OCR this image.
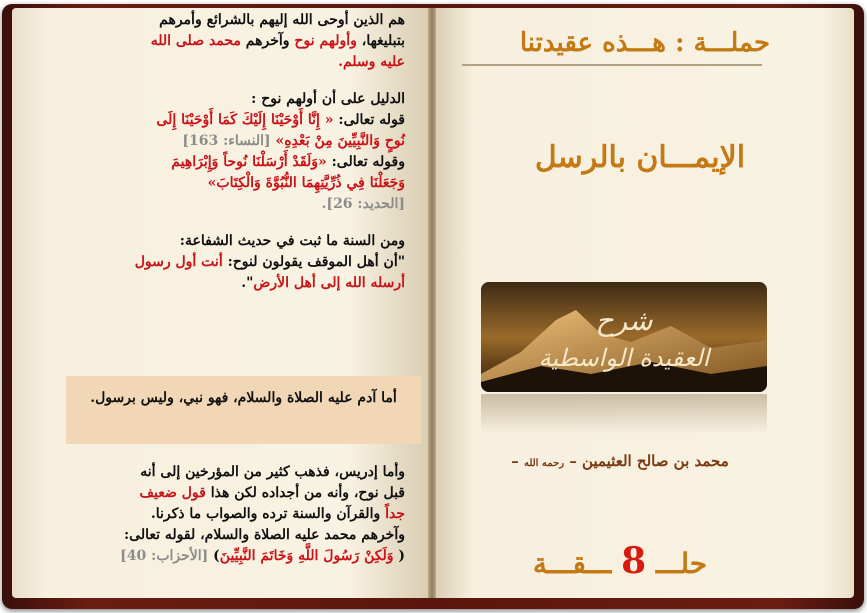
هم الذين أوحى الله إليهم بالشرائع وأمرهم

بتبليغها، وأولهم نوح وآخرهم محمد صلى الله

عليه وسلم.

الدليل على أن أولهم نوح :

قوله تعالى: « إِنَّا أَوْحَيْنَا إِلَيْكَ كَمَا أَوْحَيْنَا إِلَى

نُوحٍ وَالنَّبِيِّينَ مِنْ بَعْدِهِ» [النساء: 163]

وقوله تعالى: «وَلَقَدْ أَرْسَلْنَا نُوحاً وَإِبْرَاهِيمَ

وَجَعَلْنَا فِي ذُرِّيَّتِهِمَا النُّبُوَّةَ وَالْكِتَابَ»

[الحديد: 26].

ومن السنة ما ثبت في حديث الشفاعة:

"أن أهل الموقف يقولون لنوح: أنت أول رسول

أرسله الله إلى أهل الأرض".

أما آدم عليه الصلاة والسلام، فهو نبي، وليس برسول.

وأما إدريس، فذهب كثير من المؤرخين إلى أنه

قبل نوح، وأنه من أجداده لكن هذا قول ضعيف

جداً والقرآن والسنة ترده والصواب ما ذكرنا.

وآخرهم محمد عليه الصلاة والسلام، لقوله تعالى:

( وَلَكِنْ رَسُولَ اللَّهِ وَخَاتَمَ النَّبِيِّينَ) [الأحزاب: 40]

حملـــة : هـــذه عقيدتنا
الإيمـــان بالرسل
شرح
العقيدة الواسطية
محمد بن صالح العثيمين – رحمه الله –
حلـــ 8 ـــقـــة
